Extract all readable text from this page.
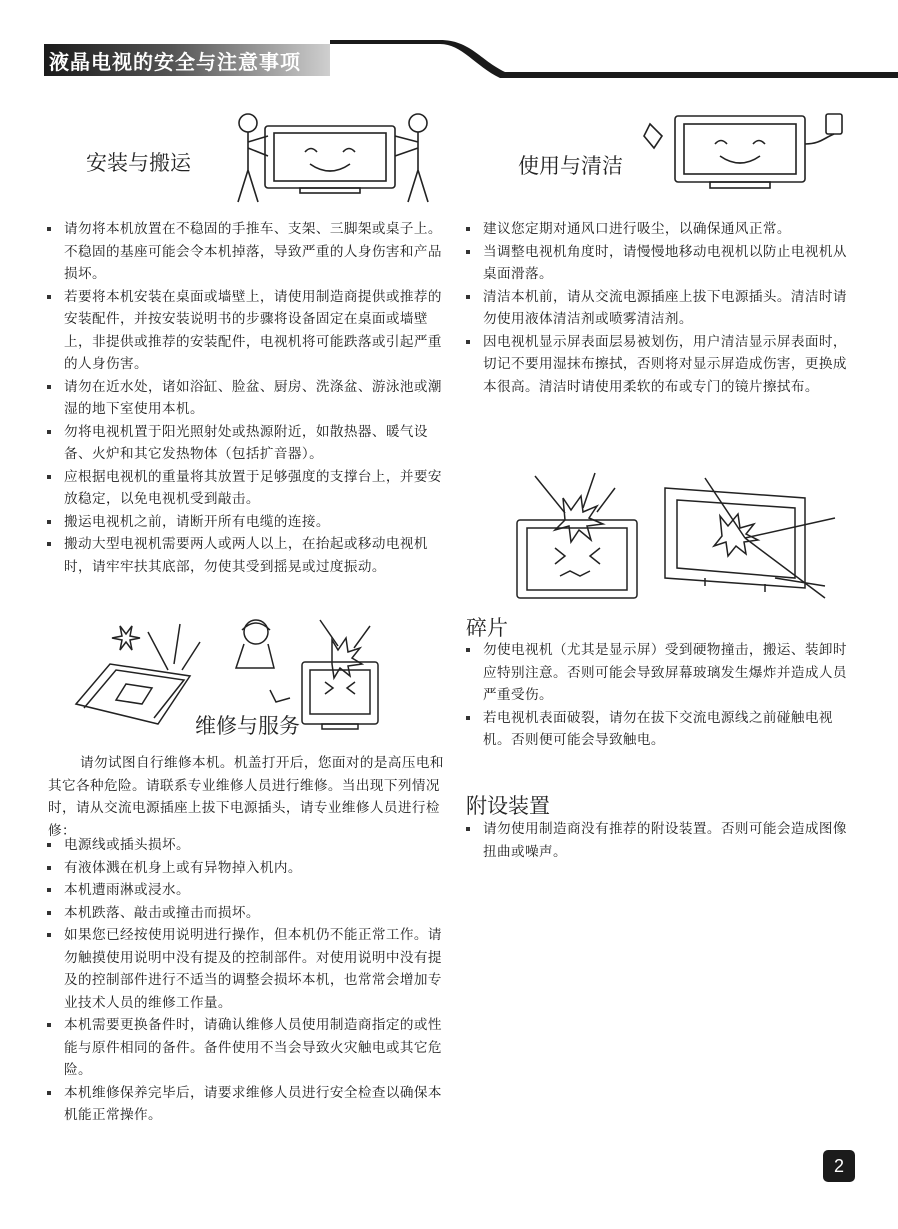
液晶电视的安全与注意事项
安装与搬运
请勿将本机放置在不稳固的手推车、支架、三脚架或桌子上。不稳固的基座可能会令本机掉落，导致严重的人身伤害和产品损坏。
若要将本机安装在桌面或墙壁上，请使用制造商提供或推荐的安装配件，并按安装说明书的步骤将设备固定在桌面或墙壁上，非提供或推荐的安装配件，电视机将可能跌落或引起严重的人身伤害。
请勿在近水处，诸如浴缸、脸盆、厨房、洗涤盆、游泳池或潮湿的地下室使用本机。
勿将电视机置于阳光照射处或热源附近，如散热器、暖气设备、火炉和其它发热物体（包括扩音器）。
应根据电视机的重量将其放置于足够强度的支撑台上，并要安放稳定，以免电视机受到敲击。
搬运电视机之前，请断开所有电缆的连接。
搬动大型电视机需要两人或两人以上，在抬起或移动电视机时，请牢牢扶其底部，勿使其受到摇晃或过度振动。
使用与清洁
建议您定期对通风口进行吸尘，以确保通风正常。
当调整电视机角度时，请慢慢地移动电视机以防止电视机从桌面滑落。
清洁本机前，请从交流电源插座上拔下电源插头。清洁时请勿使用液体清洁剂或喷雾清洁剂。
因电视机显示屏表面层易被划伤，用户清洁显示屏表面时，切记不要用湿抹布擦拭，否则将对显示屏造成伤害，更换成本很高。清洁时请使用柔软的布或专门的镜片擦拭布。
碎片
勿使电视机（尤其是显示屏）受到硬物撞击，搬运、装卸时应特别注意。否则可能会导致屏幕玻璃发生爆炸并造成人员严重受伤。
若电视机表面破裂，请勿在拔下交流电源线之前碰触电视机。否则便可能会导致触电。
附设装置
请勿使用制造商没有推荐的附设装置。否则可能会造成图像扭曲或噪声。
维修与服务

请勿试图自行维修本机。机盖打开后，您面对的是高压电和其它各种危险。请联系专业维修人员进行维修。当出现下列情况时，请从交流电源插座上拔下电源插头，请专业维修人员进行检修：

电源线或插头损坏。
有液体溅在机身上或有异物掉入机内。
本机遭雨淋或浸水。
本机跌落、敲击或撞击而损坏。
如果您已经按使用说明进行操作，但本机仍不能正常工作。请勿触摸使用说明中没有提及的控制部件。对使用说明中没有提及的控制部件进行不适当的调整会损坏本机，也常常会增加专业技术人员的维修工作量。
本机需要更换备件时，请确认维修人员使用制造商指定的或性能与原件相同的备件。备件使用不当会导致火灾触电或其它危险。
本机维修保养完毕后，请要求维修人员进行安全检查以确保本机能正常操作。
2
